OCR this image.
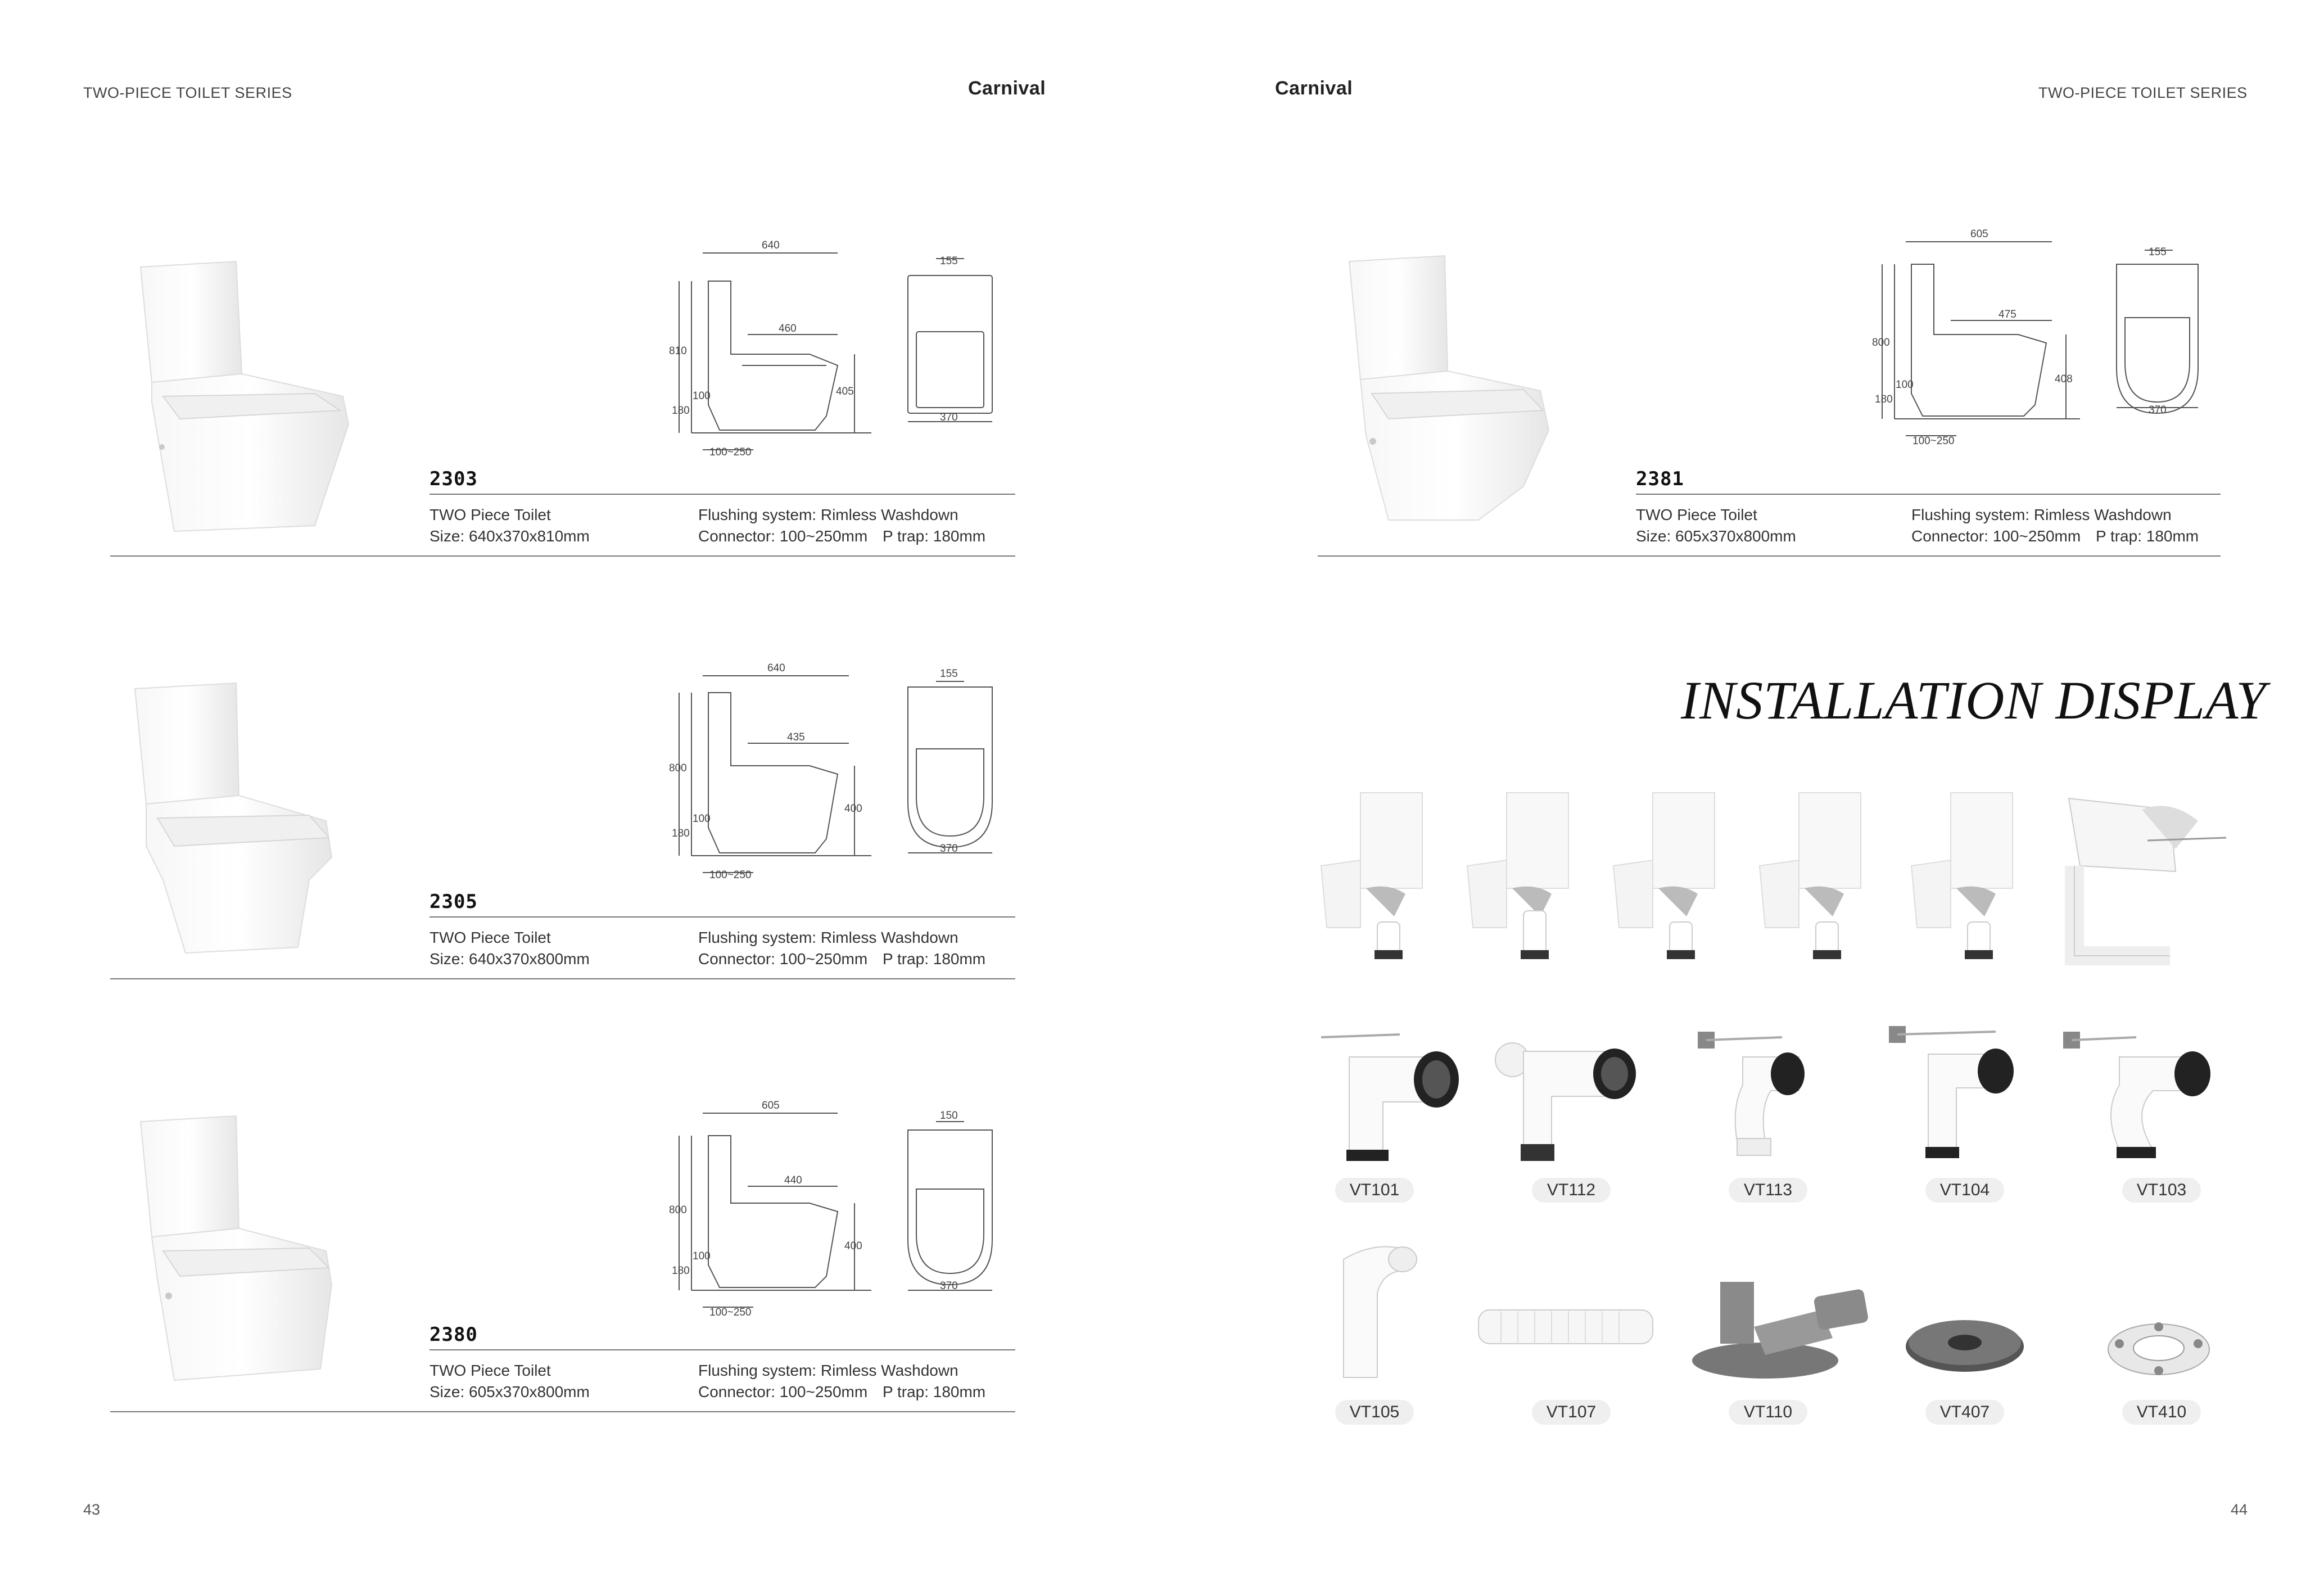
TWO-PIECE TOILET SERIES	Carnival
43
640
460
810
405
100
180
100~250
155
370
640
435
800
400
100
180
100~250
155
370
605
440
800
400
100
180
100~250
150
370
2303
TWO Piece Toilet
Size: 640x370x810mm
Flushing system: Rimless Washdown
Connector: 100~250mm P trap: 180mm
2305
TWO Piece Toilet
Size: 640x370x800mm
Flushing system: Rimless Washdown
Connector: 100~250mm P trap: 180mm
2380
TWO Piece Toilet
Size: 605x370x800mm
Flushing system: Rimless Washdown
Connector: 100~250mm P trap: 180mm
Carnival	TWO-PIECE TOILET SERIES
44
605
475
800
408
100
180
100~250
155
370
2381
TWO Piece Toilet
Size: 605x370x800mm
Flushing system: Rimless Washdown
Connector: 100~250mm P trap: 180mm
INSTALLATION DISPLAY
VT101	VT112	VT113	VT104	VT103
VT105	VT107	VT110	VT407	VT410
